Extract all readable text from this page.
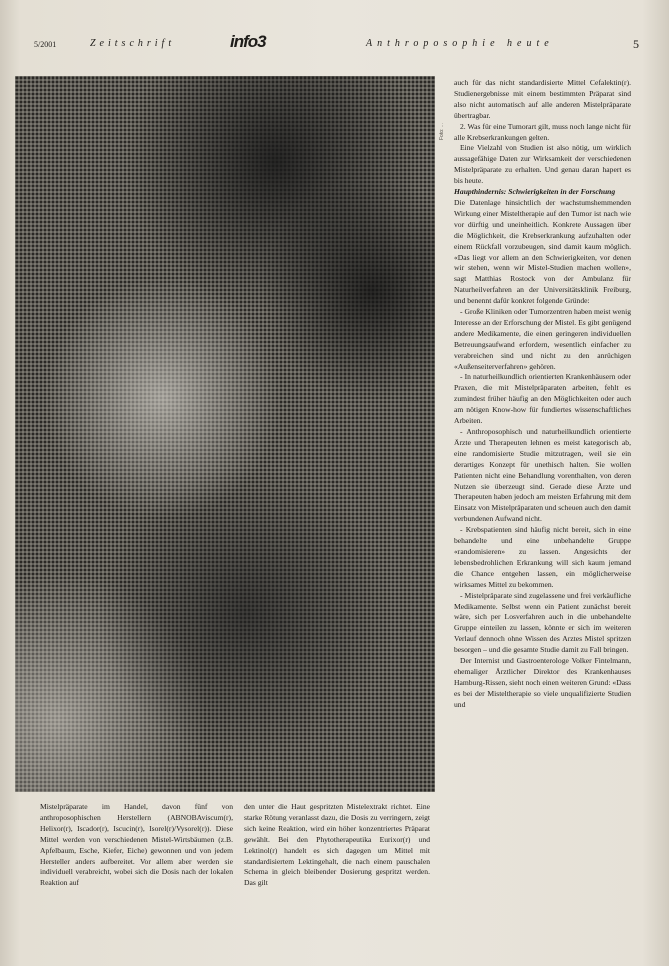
5/2001	Zeitschrift	info3	Anthroposophie heute	5
Foto: ...

Mistelpräparate im Handel, davon fünf von anthroposophischen Herstellern (ABNOBAviscum(r), Helixor(r), Iscador(r), Iscucin(r), Isorel(r)/Vysorel(r)). Diese Mittel werden von verschiedenen Mistel-Wirtsbäumen (z.B. Apfelbaum, Esche, Kiefer, Eiche) gewonnen und von jedem Hersteller anders aufbereitet. Vor allem aber werden sie individuell verabreicht, wobei sich die Dosis nach der lokalen Reaktion auf

den unter die Haut gespritzten Mistelextrakt richtet. Eine starke Rötung veranlasst dazu, die Dosis zu verringern, zeigt sich keine Reaktion, wird ein höher konzentriertes Präparat gewählt. Bei den Phytotherapeutika Eurixor(r) und Lektinol(r) handelt es sich dagegen um Mittel mit standardisiertem Lektingehalt, die nach einem pauschalen Schema in gleich bleibender Dosierung gespritzt werden. Das gilt

auch für das nicht standardisierte Mittel Cefalektin(r). Studienergebnisse mit einem bestimmten Präparat sind also nicht automatisch auf alle anderen Mistelpräparate übertragbar.

2. Was für eine Tumorart gilt, muss noch lange nicht für alle Krebserkrankungen gelten.

Eine Vielzahl von Studien ist also nötig, um wirklich aussagefähige Daten zur Wirksamkeit der verschiedenen Mistelpräparate zu erhalten. Und genau daran hapert es bis heute.

Haupthindernis: Schwierigkeiten in der Forschung

Die Datenlage hinsichtlich der wachstumshemmenden Wirkung einer Misteltherapie auf den Tumor ist nach wie vor dürftig und uneinheitlich. Konkrete Aussagen über die Möglichkeit, die Krebserkrankung aufzuhalten oder einem Rückfall vorzubeugen, sind damit kaum möglich. «Das liegt vor allem an den Schwierigkeiten, vor denen wir stehen, wenn wir Mistel-Studien machen wollen», sagt Matthias Rostock von der Ambulanz für Naturheilverfahren an der Universitätsklinik Freiburg, und benennt dafür konkret folgende Gründe:

- Große Kliniken oder Tumorzentren haben meist wenig Interesse an der Erforschung der Mistel. Es gibt genügend andere Medikamente, die einen geringeren individuellen Betreuungsaufwand erfordern, wesentlich einfacher zu verabreichen sind und nicht zu den anrüchigen «Außenseiterverfahren» gehören.

- In naturheilkundlich orientierten Krankenhäusern oder Praxen, die mit Mistelpräparaten arbeiten, fehlt es zumindest früher häufig an den Möglichkeiten oder auch am nötigen Know-how für fundiertes wissenschaftliches Arbeiten.

- Anthroposophisch und naturheilkundlich orientierte Ärzte und Therapeuten lehnen es meist kategorisch ab, eine randomisierte Studie mitzutragen, weil sie ein derartiges Konzept für unethisch halten. Sie wollen Patienten nicht eine Behandlung vorenthalten, von deren Nutzen sie überzeugt sind. Gerade diese Ärzte und Therapeuten haben jedoch am meisten Erfahrung mit dem Einsatz von Mistelpräparaten und scheuen auch den damit verbundenen Aufwand nicht.

- Krebspatienten sind häufig nicht bereit, sich in eine behandelte und eine unbehandelte Gruppe «randomisieren» zu lassen. Angesichts der lebensbedrohlichen Erkrankung will sich kaum jemand die Chance entgehen lassen, ein möglicherweise wirksames Mittel zu bekommen.

- Mistelpräparate sind zugelassene und frei verkäufliche Medikamente. Selbst wenn ein Patient zunächst bereit wäre, sich per Losverfahren auch in die unbehandelte Gruppe einteilen zu lassen, könnte er sich im weiteren Verlauf dennoch ohne Wissen des Arztes Mistel spritzen besorgen – und die gesamte Studie damit zu Fall bringen.

Der Internist und Gastroenterologe Volker Fintelmann, ehemaliger Ärztlicher Direktor des Krankenhauses Hamburg-Rissen, sieht noch einen weiteren Grund: «Dass es bei der Misteltherapie so viele unqualifizierte Studien und
